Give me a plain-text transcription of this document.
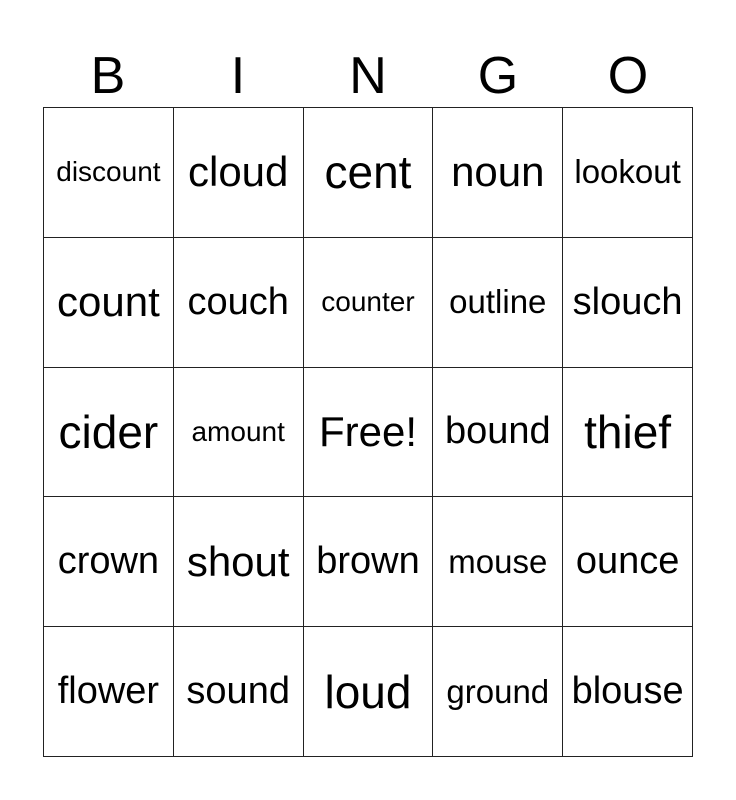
B	I	N	G	O
discount cloud cent noun lookout
count couch	counter	outline slouch
cider	amount Free! bound thief
crown shout brown mouse ounce
flower sound loud	ground blouse
